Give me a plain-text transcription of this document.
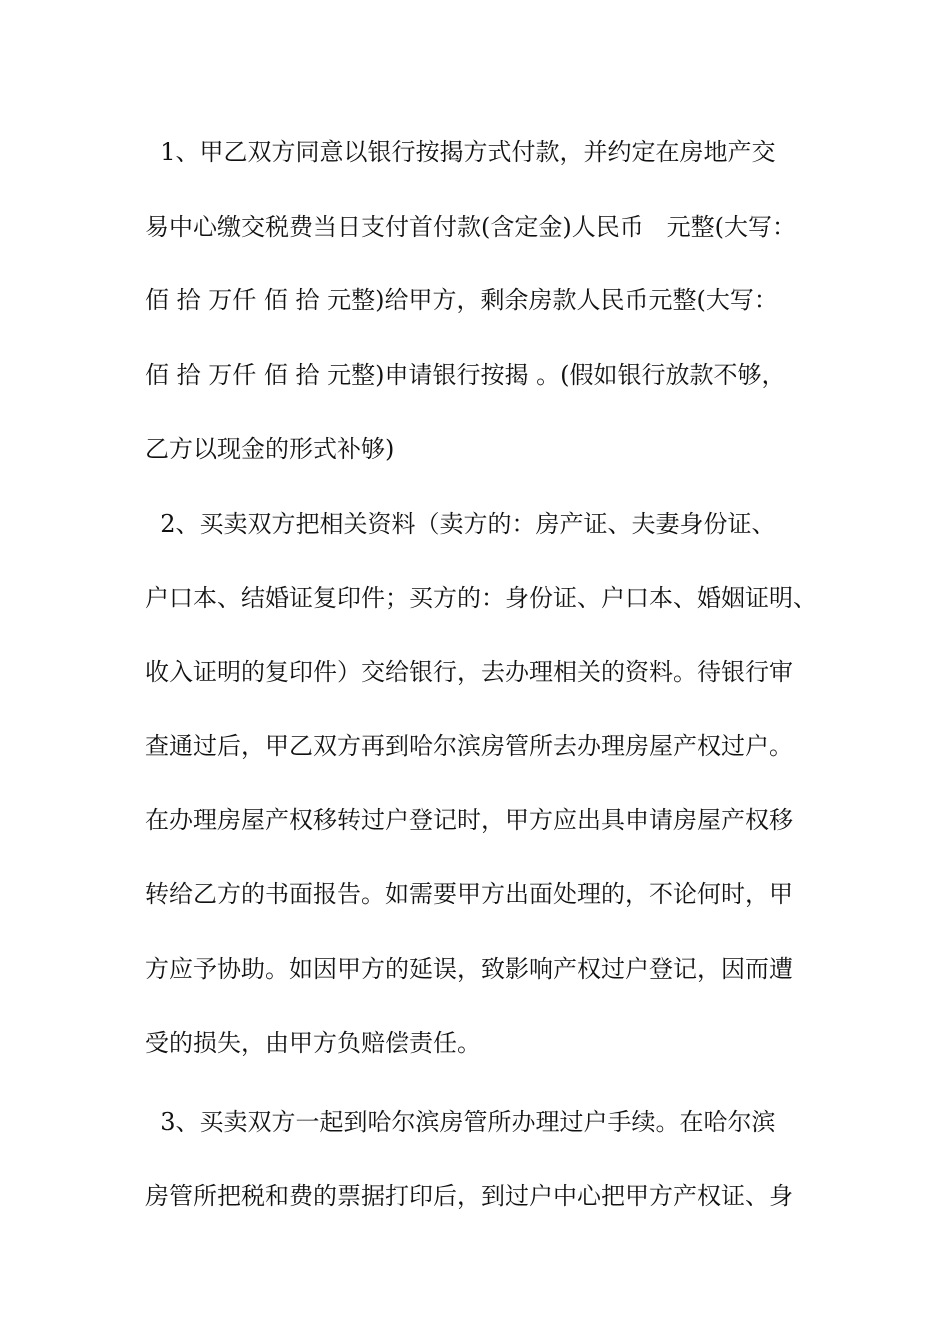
1、甲乙双方同意以银行按揭方式付款，并约定在房地产交

易中心缴交税费当日支付首付款(含定金)人民币   元整(大写：

佰 拾 万仟 佰 拾 元整)给甲方，剩余房款人民币元整(大写：

佰 拾 万仟 佰 拾 元整)申请银行按揭 。(假如银行放款不够，

乙方以现金的形式补够)

2、买卖双方把相关资料（卖方的：房产证、夫妻身份证、

户口本、结婚证复印件；买方的：身份证、户口本、婚姻证明、

收入证明的复印件）交给银行，去办理相关的资料。待银行审

查通过后，甲乙双方再到哈尔滨房管所去办理房屋产权过户。

在办理房屋产权移转过户登记时，甲方应出具申请房屋产权移

转给乙方的书面报告。如需要甲方出面处理的，不论何时，甲

方应予协助。如因甲方的延误，致影响产权过户登记，因而遭

受的损失，由甲方负赔偿责任。

3、买卖双方一起到哈尔滨房管所办理过户手续。在哈尔滨

房管所把税和费的票据打印后，到过户中心把甲方产权证、身
